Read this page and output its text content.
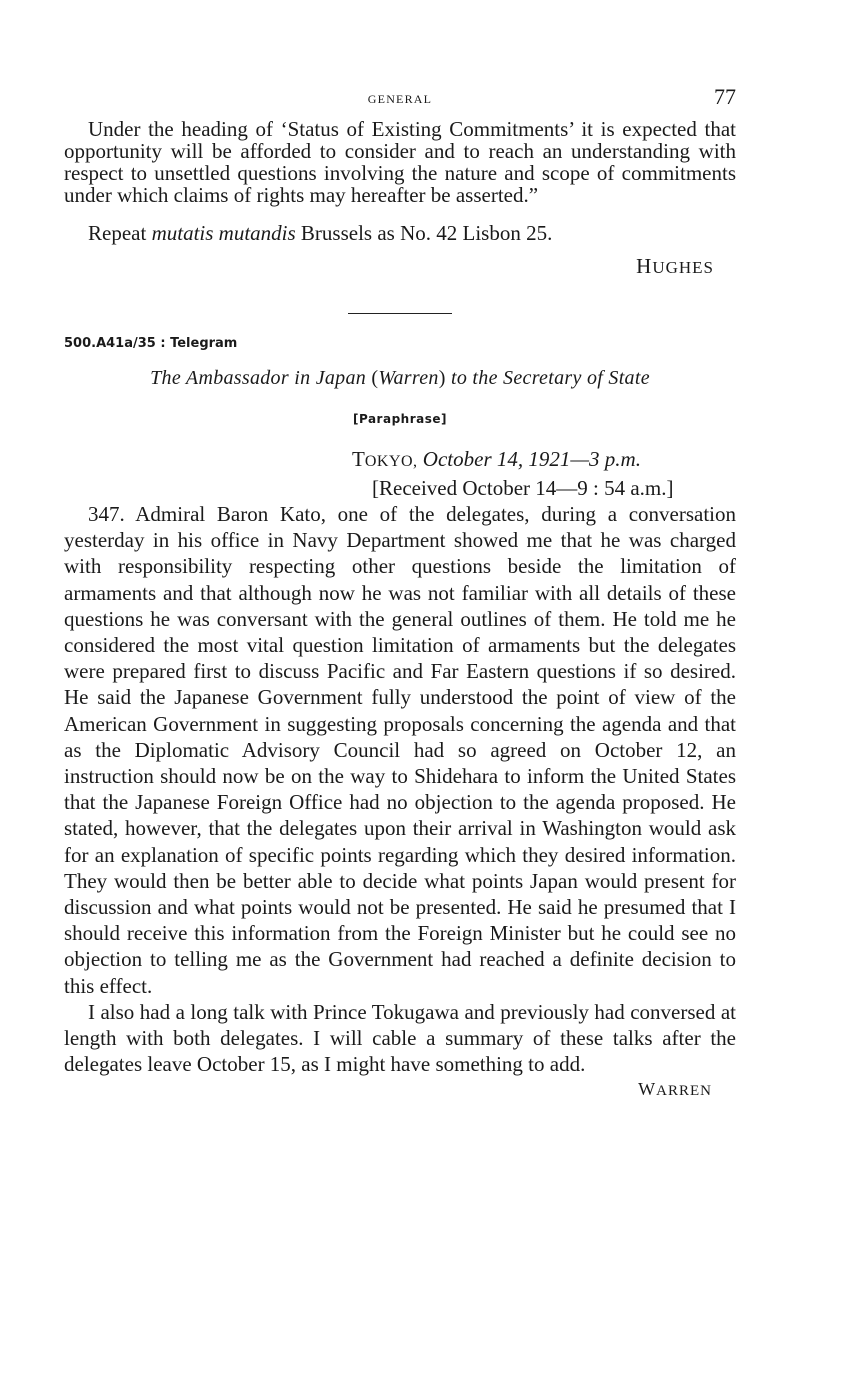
GENERAL	77

Under the heading of ‘Status of Existing Commitments’ it is expected that opportunity will be afforded to consider and to reach an understanding with respect to unsettled questions involving the nature and scope of commitments under which claims of rights may hereafter be asserted.”

Repeat mutatis mutandis Brussels as No. 42 Lisbon 25.

HUGHES
500.A41a/35 : Telegram
The Ambassador in Japan (Warren) to the Secretary of State
[Paraphrase]
TOKYO, October 14, 1921—3 p.m.
[Received October 14—9 : 54 a.m.]

347. Admiral Baron Kato, one of the delegates, during a conversation yesterday in his office in Navy Department showed me that he was charged with responsibility respecting other questions beside the limitation of armaments and that although now he was not familiar with all details of these questions he was conversant with the general outlines of them. He told me he considered the most vital question limitation of armaments but the delegates were prepared first to discuss Pacific and Far Eastern questions if so desired. He said the Japanese Government fully understood the point of view of the American Government in suggesting proposals concerning the agenda and that as the Diplomatic Advisory Council had so agreed on October 12, an instruction should now be on the way to Shidehara to inform the United States that the Japanese Foreign Office had no objection to the agenda proposed. He stated, however, that the delegates upon their arrival in Washington would ask for an explanation of specific points regarding which they desired information. They would then be better able to decide what points Japan would present for discussion and what points would not be presented. He said he presumed that I should receive this information from the Foreign Minister but he could see no objection to telling me as the Government had reached a definite decision to this effect.

I also had a long talk with Prince Tokugawa and previously had conversed at length with both delegates. I will cable a summary of these talks after the delegates leave October 15, as I might have something to add.

WARREN
